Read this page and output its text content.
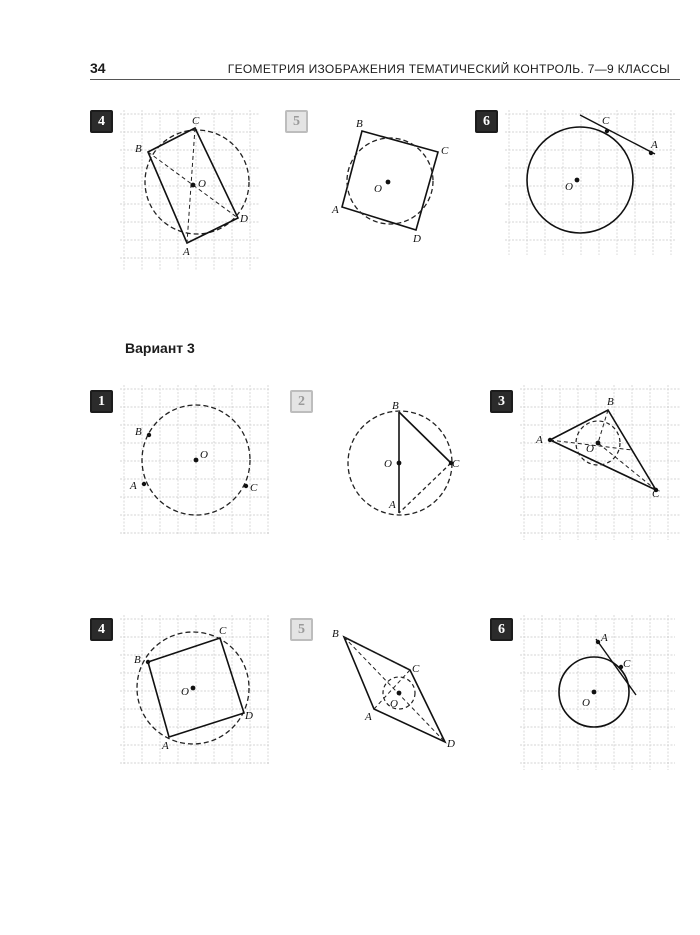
34	ГЕОМЕТРИЯ ИЗОБРАЖЕНИЯ ТЕМАТИЧЕСКИЙ КОНТРОЛЬ. 7—9 КЛАССЫ
Вариант 3
4	5	6
1	2	3
4	5	6
O
B
C
D
A
O
B
C
D
A
O
C
A
O
B
A	C
B
O	C
A
A
B
O
C
O
B
C
D
A
B
C
O
A
D
A
C
O
